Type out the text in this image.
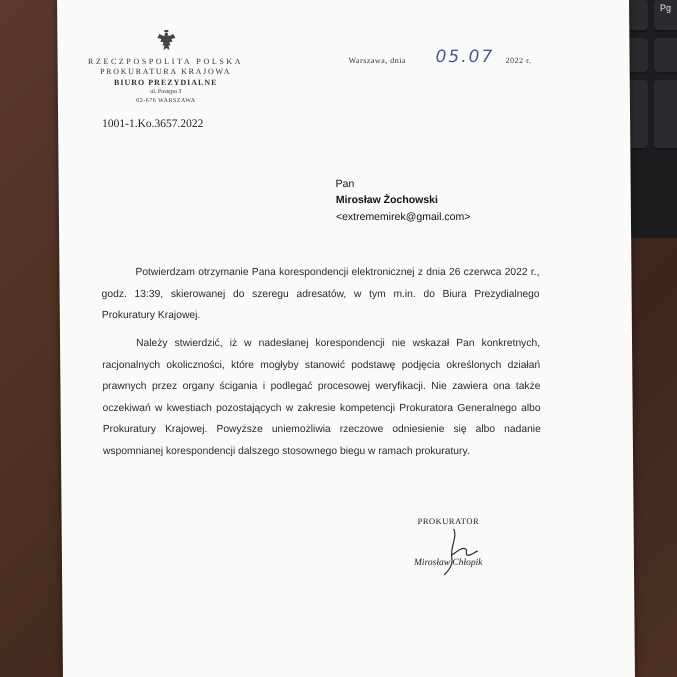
Pg
RZECZPOSPOLITA POLSKA
PROKURATURA KRAJOWA
BIURO PREZYDIALNE
ul. Postępu 3
02-676 WARSZAWA
1001-1.Ko.3657.2022
Warszawa, dnia 05.07 2022 r.
Pan
Mirosław Żochowski
<extrememirek@gmail.com>
Potwierdzam otrzymanie Pana korespondencji elektronicznej z dnia 26 czerwca 2022 r., godz. 13:39, skierowanej do szeregu adresatów, w tym m.in. do Biura Prezydialnego Prokuratury Krajowej.
Należy stwierdzić, iż w nadesłanej korespondencji nie wskazał Pan konkretnych, racjonalnych okoliczności, które mogłyby stanowić podstawę podjęcia określonych działań prawnych przez organy ścigania i podlegać procesowej weryfikacji. Nie zawiera ona także oczekiwań w kwestiach pozostających w zakresie kompetencji Prokuratora Generalnego albo Prokuratury Krajowej. Powyższe uniemożliwia rzeczowe odniesienie się albo nadanie wspomnianej korespondencji dalszego stosownego biegu w ramach prokuratury.
PROKURATOR
Mirosław Chłopik
